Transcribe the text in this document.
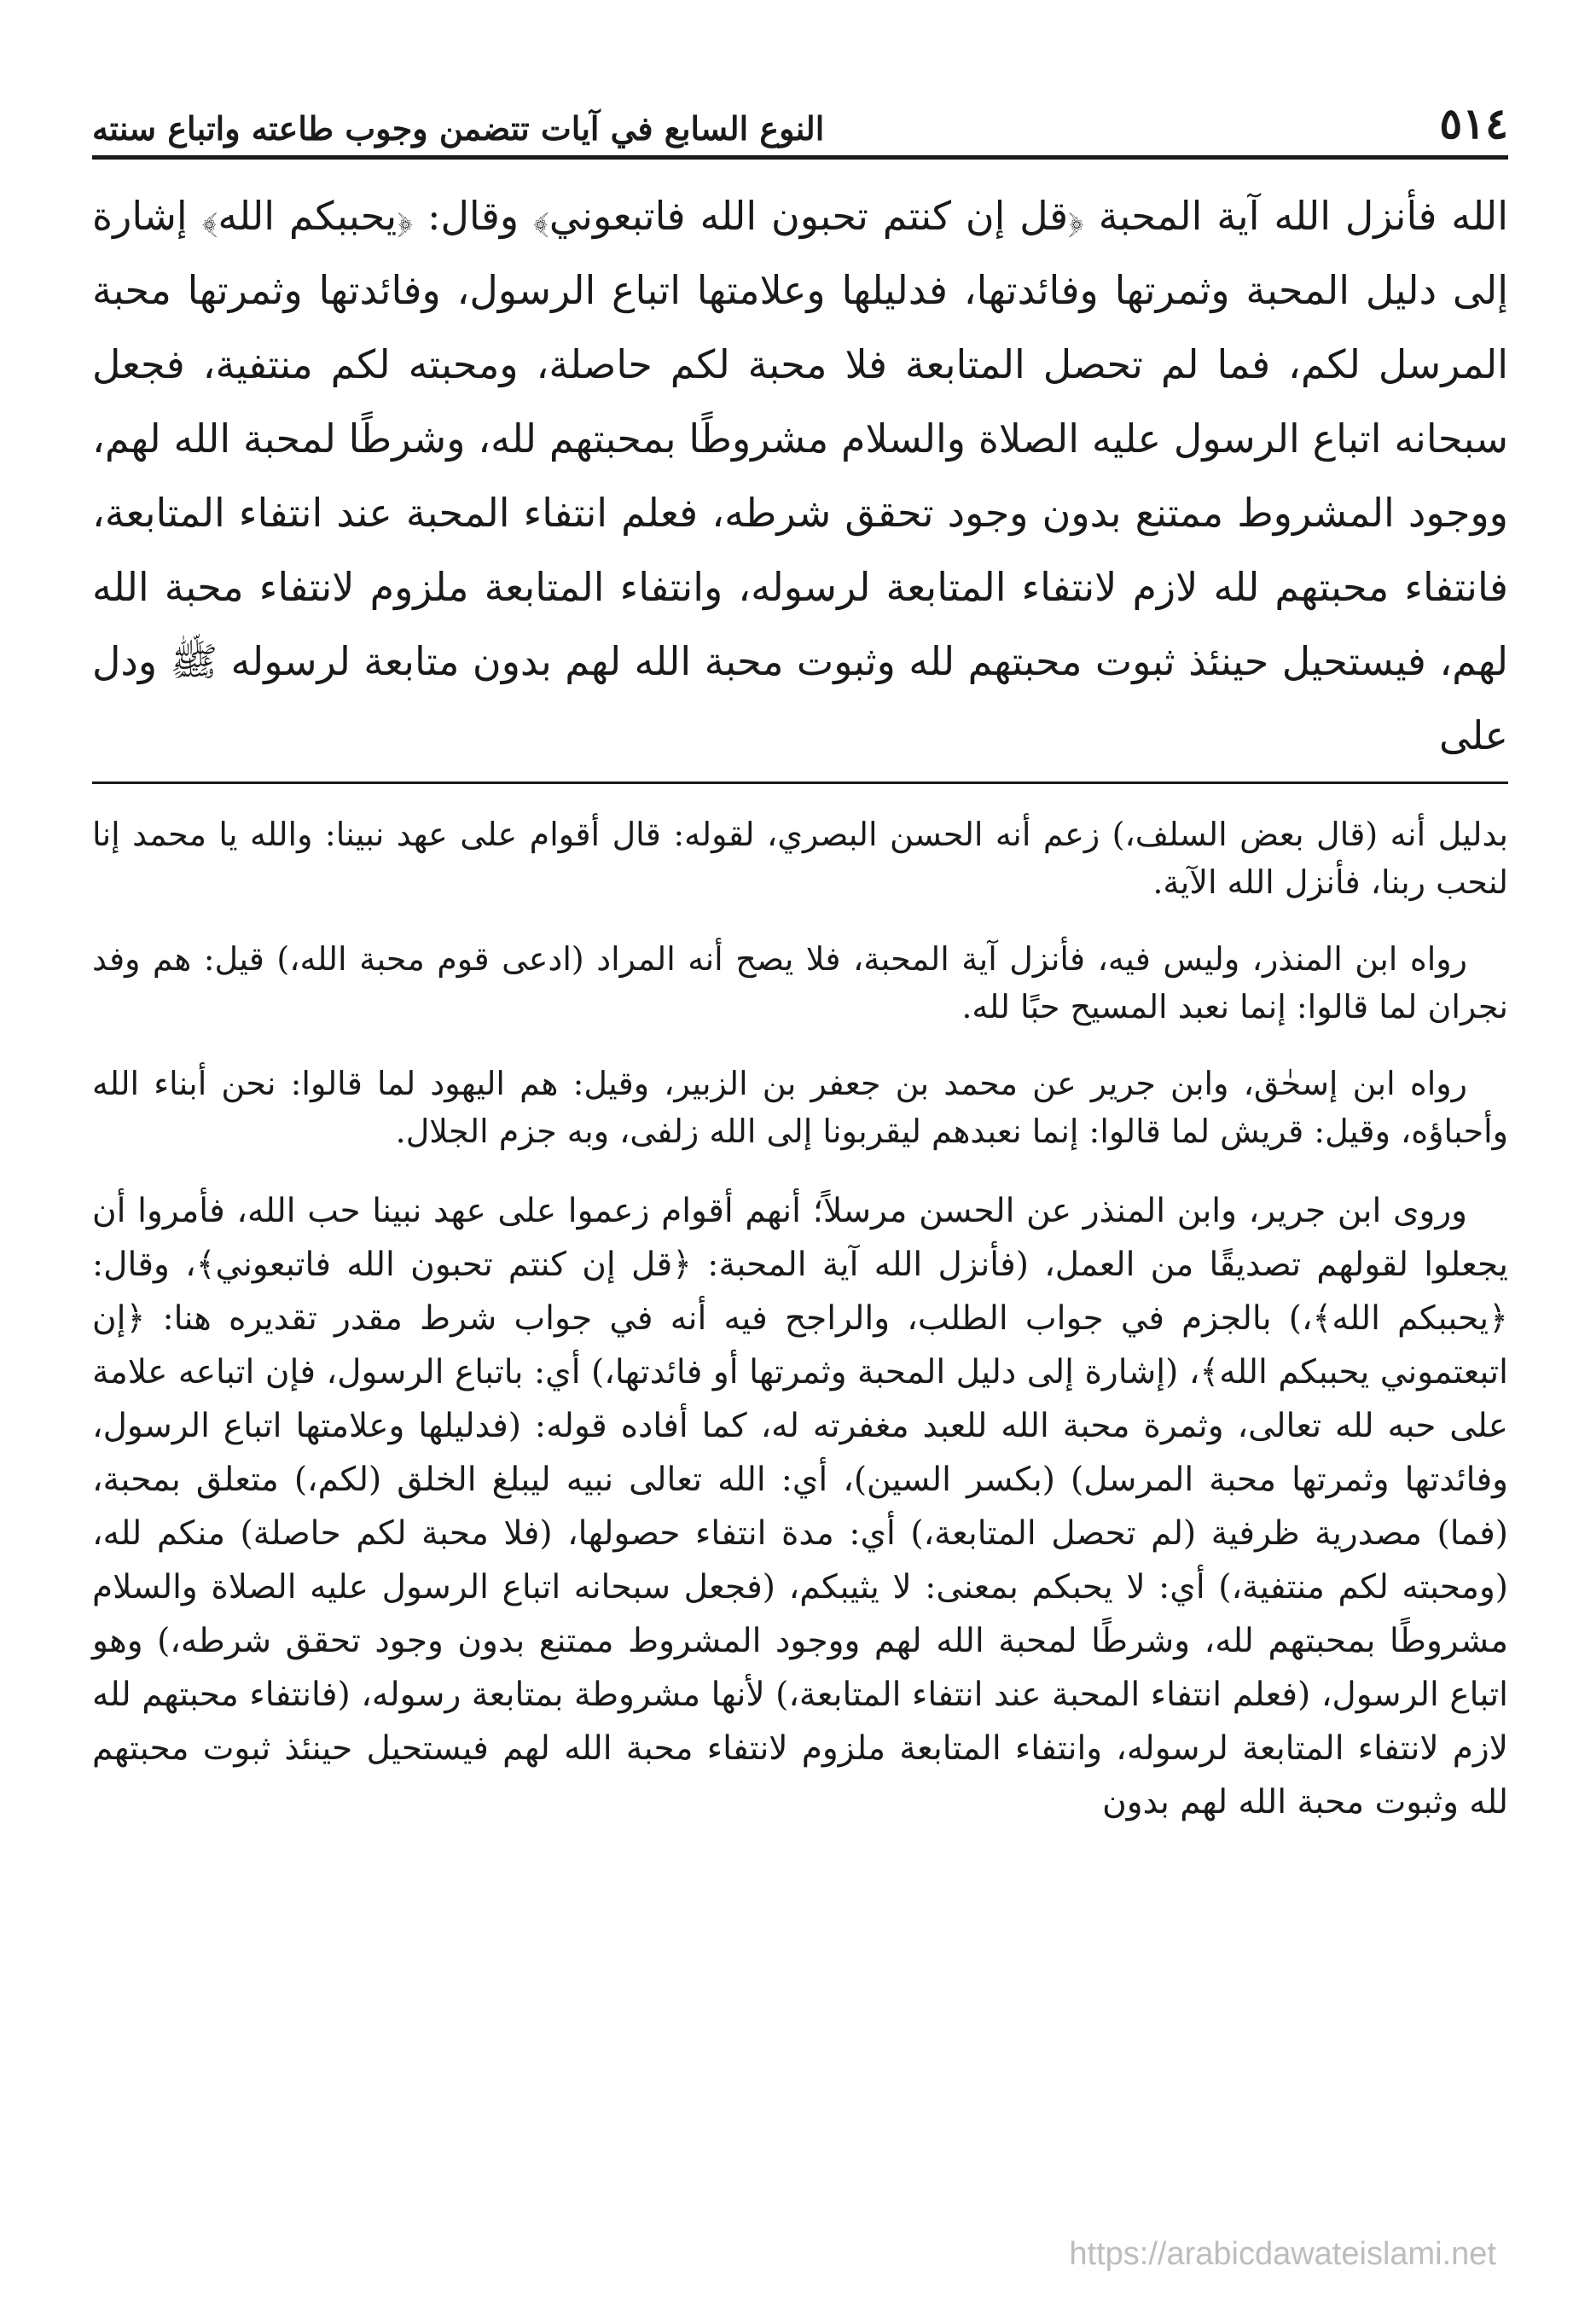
٥١٤
النوع السابع في آيات تتضمن وجوب طاعته واتباع سنته

الله فأنزل الله آية المحبة ﴿قل إن كنتم تحبون الله فاتبعوني﴾ وقال: ﴿يحببكم الله﴾ إشارة إلى دليل المحبة وثمرتها وفائدتها، فدليلها وعلامتها اتباع الرسول، وفائدتها وثمرتها محبة المرسل لكم، فما لم تحصل المتابعة فلا محبة لكم حاصلة، ومحبته لكم منتفية، فجعل سبحانه اتباع الرسول عليه الصلاة والسلام مشروطًا بمحبتهم لله، وشرطًا لمحبة الله لهم، ووجود المشروط ممتنع بدون وجود تحقق شرطه، فعلم انتفاء المحبة عند انتفاء المتابعة، فانتفاء محبتهم لله لازم لانتفاء المتابعة لرسوله، وانتفاء المتابعة ملزوم لانتفاء محبة الله لهم، فيستحيل حينئذ ثبوت محبتهم لله وثبوت محبة الله لهم بدون متابعة لرسوله ﷺ ودل على

بدليل أنه (قال بعض السلف،) زعم أنه الحسن البصري، لقوله: قال أقوام على عهد نبينا: والله يا محمد إنا لنحب ربنا، فأنزل الله الآية.

رواه ابن المنذر، وليس فيه، فأنزل آية المحبة، فلا يصح أنه المراد (ادعى قوم محبة الله،) قيل: هم وفد نجران لما قالوا: إنما نعبد المسيح حبًا لله.

رواه ابن إسحٰق، وابن جرير عن محمد بن جعفر بن الزبير، وقيل: هم اليهود لما قالوا: نحن أبناء الله وأحباؤه، وقيل: قريش لما قالوا: إنما نعبدهم ليقربونا إلى الله زلفى، وبه جزم الجلال.

وروى ابن جرير، وابن المنذر عن الحسن مرسلاً؛ أنهم أقوام زعموا على عهد نبينا حب الله، فأمروا أن يجعلوا لقولهم تصديقًا من العمل، (فأنزل الله آية المحبة: ﴿قل إن كنتم تحبون الله فاتبعوني﴾، وقال: ﴿يحببكم الله﴾،) بالجزم في جواب الطلب، والراجح فيه أنه في جواب شرط مقدر تقديره هنا: ﴿إن اتبعتموني يحببكم الله﴾، (إشارة إلى دليل المحبة وثمرتها أو فائدتها،) أي: باتباع الرسول، فإن اتباعه علامة على حبه لله تعالى، وثمرة محبة الله للعبد مغفرته له، كما أفاده قوله: (فدليلها وعلامتها اتباع الرسول، وفائدتها وثمرتها محبة المرسل) (بكسر السين)، أي: الله تعالى نبيه ليبلغ الخلق (لكم،) متعلق بمحبة، (فما) مصدرية ظرفية (لم تحصل المتابعة،) أي: مدة انتفاء حصولها، (فلا محبة لكم حاصلة) منكم لله، (ومحبته لكم منتفية،) أي: لا يحبكم بمعنى: لا يثيبكم، (فجعل سبحانه اتباع الرسول عليه الصلاة والسلام مشروطًا بمحبتهم لله، وشرطًا لمحبة الله لهم ووجود المشروط ممتنع بدون وجود تحقق شرطه،) وهو اتباع الرسول، (فعلم انتفاء المحبة عند انتفاء المتابعة،) لأنها مشروطة بمتابعة رسوله، (فانتفاء محبتهم لله لازم لانتفاء المتابعة لرسوله، وانتفاء المتابعة ملزوم لانتفاء محبة الله لهم فيستحيل حينئذ ثبوت محبتهم لله وثبوت محبة الله لهم بدون

https://arabicdawateislami.net
